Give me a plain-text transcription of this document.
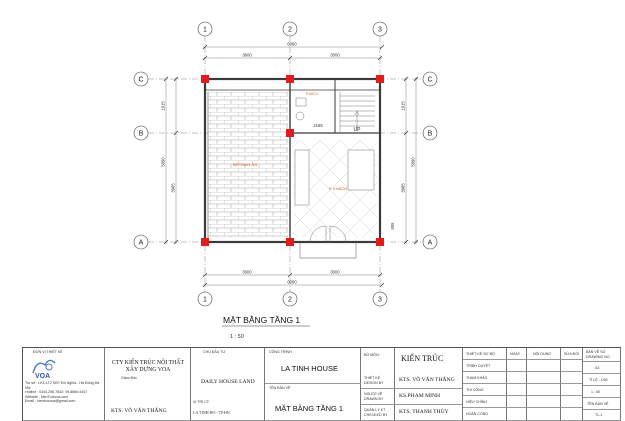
1	2	3
1	2	3
C
B
A
C
B
A
6090
3600	3000
3600	3000
6090
2185
1915
5890
3985
1915
5890
3985
805
P.WC1
BẾP/BAN ĂN
P. KHÁCH
UP
MẶT BẰNG TẦNG 1
1 : 50
ĐƠN VỊ THIẾT KẾ
VOA
Trụ sở : LK1-LT2 KĐT Đô Nghĩa - Hà Đông-Hà Nội
Hotline : 0344.296.7842; 09.8666.4447
Website : kienTrucvoa.com
Email : kientrucvoa@gmail.com
CTY KIẾN TRÚC NỘI THẤT
XÂY DỰNG VOA
Giám Đốc
KTS. VÕ VĂN THẮNG
CHỦ ĐẦU TƯ
DAILY HOUSE LAND
VỊ TRÍ CT:
LA TINH HO - TP.HN
CÔNG TRÌNH
LA TINH HOUSE
TÊN BẢN VẼ
MẶT BẰNG TẦNG 1
BỘ MÔN:	KIẾN TRÚC
THIẾT KẾ
DESIGN BY	KTS. VÕ VĂN THẮNG
NGƯỜI VẼ
DRAWN BY	KS.PHẠM MINH
QUẢN LÝ KT
CHECKED BY KTS. THANH THỦY
THIẾT KẾ SƠ BỘ
TRÌNH DUYỆT
THAM KHẢO
THI CÔNG
HIỆU CHỈNH
HOÀN CÔNG
NGÀY	NỘI DUNG	SỬA ĐỔI BẢN VẼ SỐ
DRAWING NO
A3
TỈ LỆ : 1/50
1 : 50
TÊN BẢN VẼ
TL-1
